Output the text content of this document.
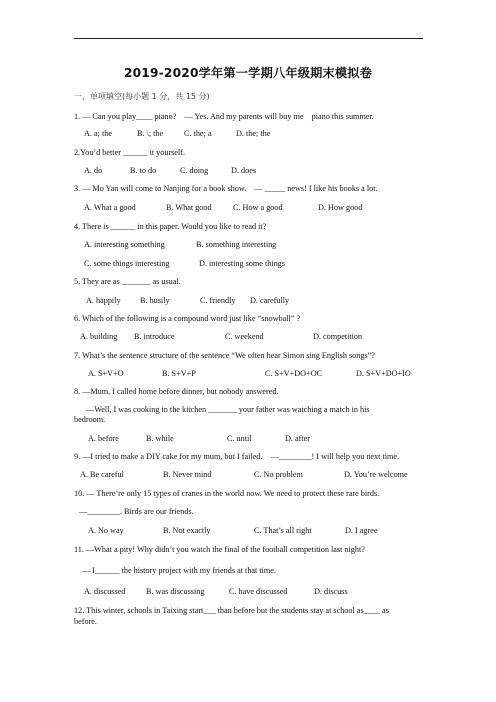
2019-2020学年第一学期八年级期末模拟卷
一、单项填空(每小题 1 分，共 15 分)
1. — Can you play____ piano?　— Yes. And my parents will buy me　piano this summer.
A. a; the	B. \; the	C. the; a	D. the; the
2.You’d better ______ it yourself.
A. do	B. to do	C. doing	D. does
3. — Mo Yan will come to Nanjing for a book show.　— _____ news! I like his books a lot.
A. What a good	B. What good	C. How a good	D. How good
4. There is ______ in this paper. Would you like to read it?
A. interesting something	B. something interesting
C. some things interesting	D. interesting some things
5. They are as _______ as usual.
A. happily B. busily	C. friendly D. carefully
6. Which of the following is a compound word just like “snowball” ?
A. building B. introduce	C. weekend	D. competition
7. What’s the sentence structure of the sentence “We often hear Simon sing English songs”?
A. S+V+O	B. S+V+P	C. S+V+DO+OC	D. S+V+DO+IO
8. —Mum, I called home before dinner, but nobody answered.
—Well, I was cooking in the kitchen _______ your father was watching a match in his
bedroom.
A. before	B. while	C. until	D. after
9. —I tried to make a DIY cake for my mum, but I failed.　—________! I will help you next time.
A. Be careful	B. Never mind	C. No problem	D. You’re welcome
10. — There’re only 15 types of cranes in the world now. We need to protect these rare birds.
—________. Birds are our friends.
A. No way	B. Not exactly	C. That’s all right	D. I agree
11. —What a pity! Why didn’t you watch the final of the football competition last night?
— I______ the history project with my friends at that time.
A. discussed	B. was discussing	C. have discussed	D. discuss
12. This winter, schools in Taixing start___ than before but the students stay at school as____ as
before.
